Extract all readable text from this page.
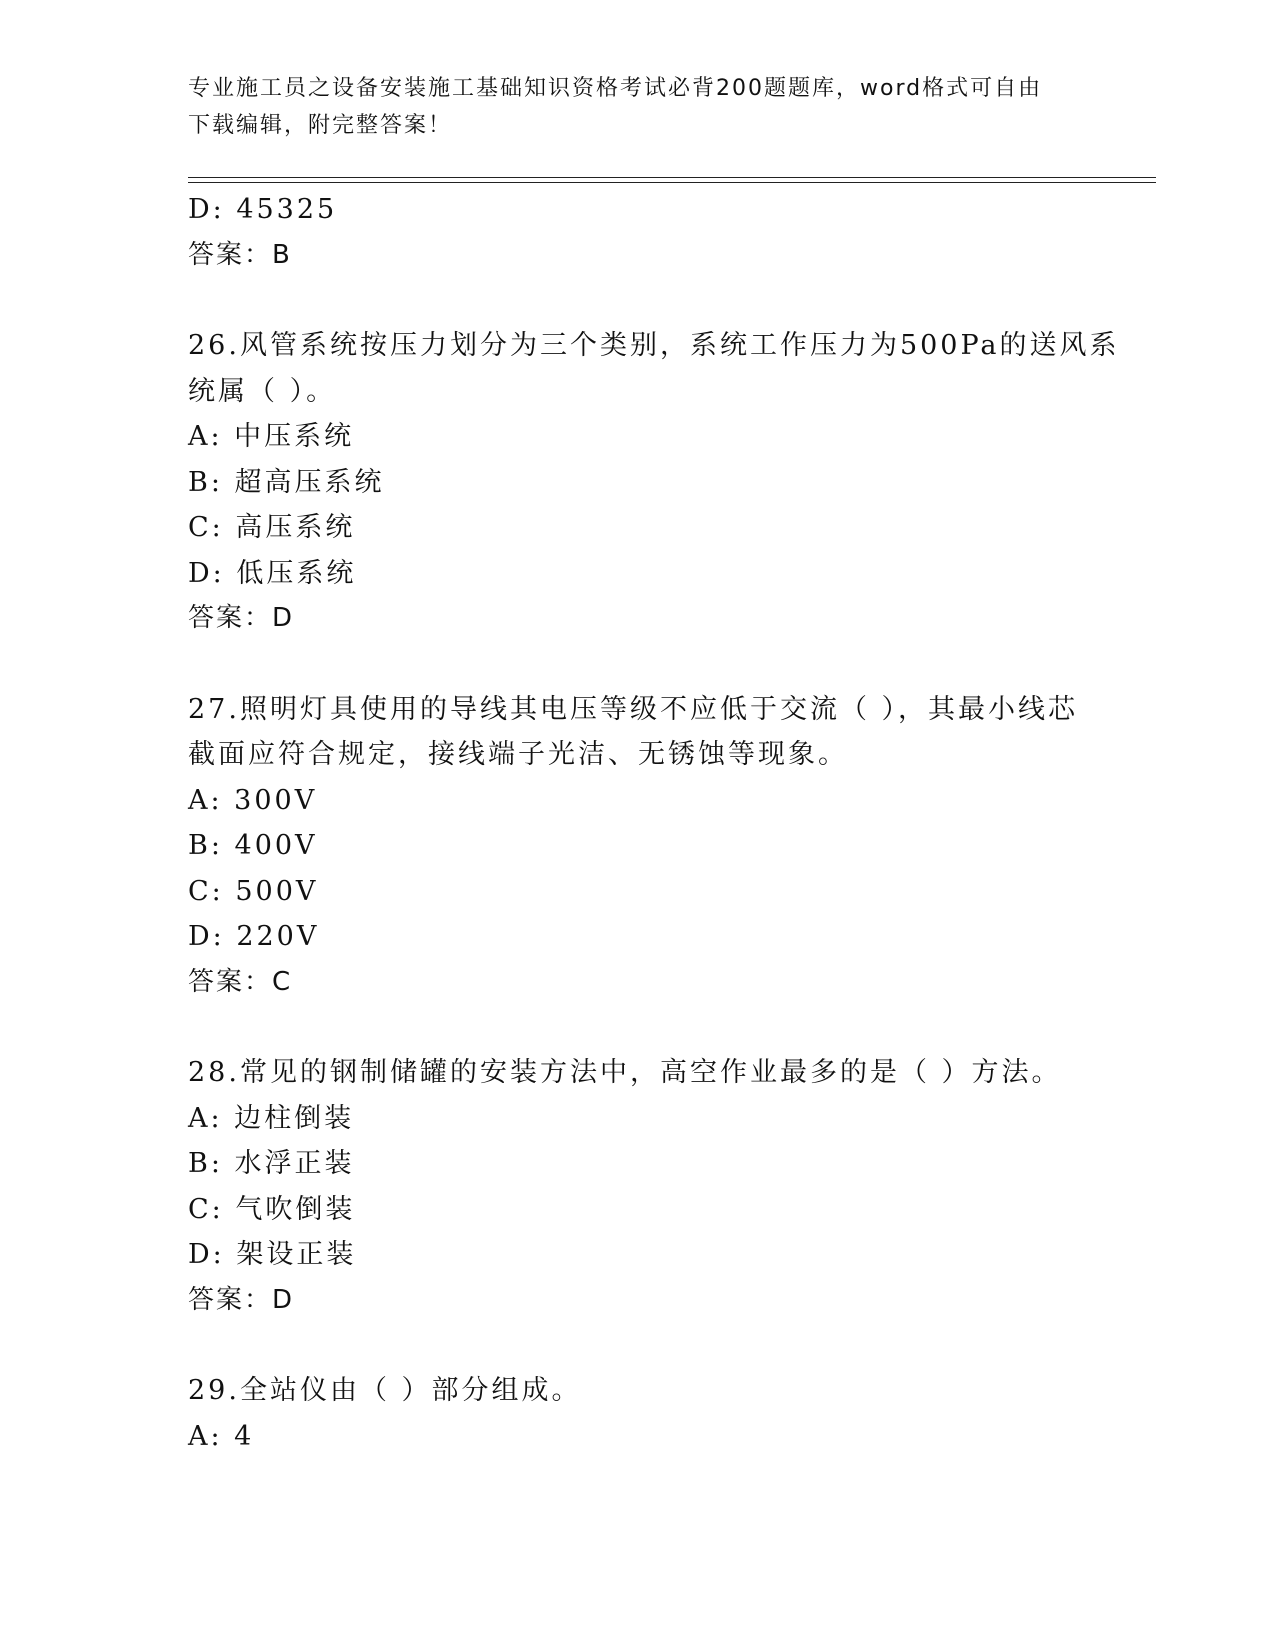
专业施工员之设备安装施工基础知识资格考试必背200题题库，word格式可自由
下载编辑，附完整答案！
D: 45325
答案：B
26.风管系统按压力划分为三个类别，系统工作压力为500Pa的送风系
统属（ ）。
A: 中压系统
B: 超高压系统
C: 高压系统
D: 低压系统
答案：D
27.照明灯具使用的导线其电压等级不应低于交流（ ），其最小线芯
截面应符合规定，接线端子光洁、无锈蚀等现象。
A: 300V
B: 400V
C: 500V
D: 220V
答案：C
28.常见的钢制储罐的安装方法中，高空作业最多的是（ ）方法。
A: 边柱倒装
B: 水浮正装
C: 气吹倒装
D: 架设正装
答案：D
29.全站仪由（ ）部分组成。
A: 4
